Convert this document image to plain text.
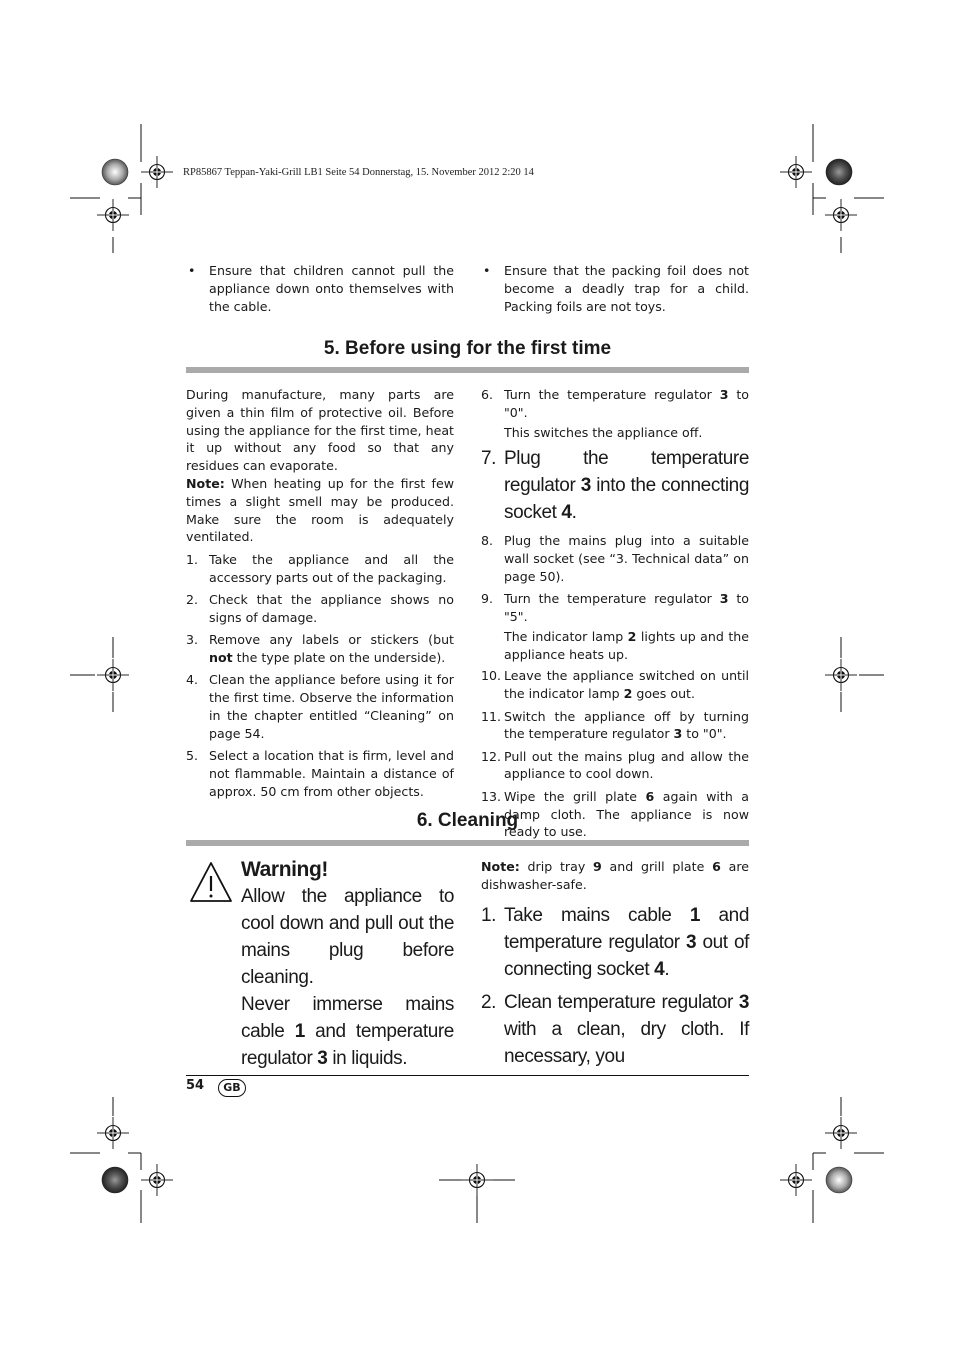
RP85867 Teppan-Yaki-Grill LB1 Seite 54 Donnerstag, 15. November 2012 2:20 14
• Ensure that children cannot pull the appliance down onto themselves with the cable.
• Ensure that the packing foil does not become a deadly trap for a child. Packing foils are not toys.
5. Before using for the first time

During manufacture, many parts are given a thin film of protective oil. Before using the appliance for the first time, heat it up without any food so that any residues can evaporate.

Note: When heating up for the first few times a slight smell may be produced. Make sure the room is adequately ventilated.

1. Take the appliance and all the accessory parts out of the packaging.
2. Check that the appliance shows no signs of damage.
3. Remove any labels or stickers (but not the type plate on the underside).
4. Clean the appliance before using it for the first time. Observe the information in the chapter entitled “Cleaning” on page 54.
5. Select a location that is firm, level and not flammable. Maintain a distance of approx. 50 cm from other objects.
6. Turn the temperature regulator 3 to "0".

This switches the appliance off.

7. Plug the temperature regulator 3 into the connecting socket 4.
8. Plug the mains plug into a suitable wall socket (see “3. Technical data” on page 50).
9. Turn the temperature regulator 3 to "5".

The indicator lamp 2 lights up and the appliance heats up.

10. Leave the appliance switched on until the indicator lamp 2 goes out.
11. Switch the appliance off by turning the temperature regulator 3 to "0".
12. Pull out the mains plug and allow the appliance to cool down.
13. Wipe the grill plate 6 again with a damp cloth. The appliance is now ready to use.
6. Cleaning
Warning!
Allow the appliance to cool down and pull out the mains plug before cleaning.
Never immerse mains cable 1 and temperature regulator 3 in liquids.

Note: drip tray 9 and grill plate 6 are dishwasher-safe.

1. Take mains cable 1 and temperature regulator 3 out of connecting socket 4.
2. Clean temperature regulator 3 with a clean, dry cloth. If necessary, you
54	GB
